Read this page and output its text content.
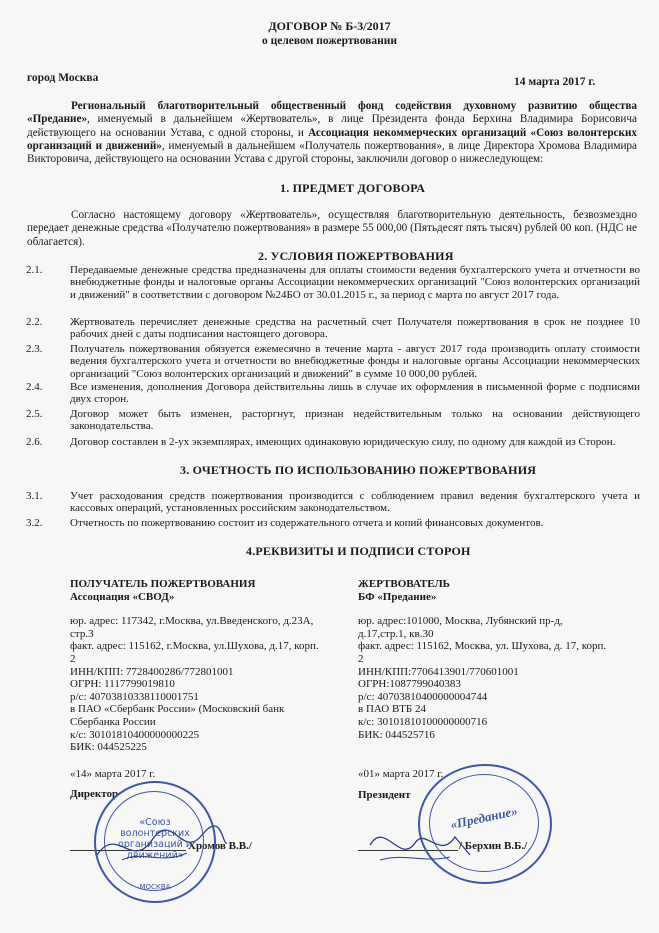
ДОГОВОР № Б-3/2017
о целевом пожертвовании
город Москва	14 марта 2017 г.
Региональный благотворительный общественный фонд содействия духовному развитию общества «Предание», именуемый в дальнейшем «Жертвователь», в лице Президента фонда Берхина Владимира Борисовича действующего на основании Устава, с одной стороны, и Ассоциация некоммерческих организаций «Союз волонтерских организаций и движений», именуемый в дальнейшем «Получатель пожертвования», в лице Директора Хромова Владимира Викторовича, действующего на основании Устава с другой стороны, заключили договор о нижеследующем:
1. ПРЕДМЕТ ДОГОВОРА
Согласно настоящему договору «Жертвователь», осуществляя благотворительную деятельность, безвозмездно передает денежные средства «Получателю пожертвования» в размере 55 000,00 (Пятьдесят пять тысяч) рублей 00 коп. (НДС не облагается).
2. УСЛОВИЯ ПОЖЕРТВОВАНИЯ
2.1.	Передаваемые денежные средства предназначены для оплаты стоимости ведения бухгалтерского учета и отчетности во внебюджетные фонды и налоговые органы Ассоциации некоммерческих организаций "Союз волонтерских организаций и движений" в соответствии с договором №24БО от 30.01.2015 г., за период с марта по август 2017 года.
2.2.	Жертвователь перечисляет денежные средства на расчетный счет Получателя пожертвования в срок не позднее 10 рабочих дней с даты подписания настоящего договора.
2.3.	Получатель пожертвования обязуется ежемесячно в течение марта - август 2017 года производить оплату стоимости ведения бухгалтерского учета и отчетности во внебюджетные фонды и налоговые органы Ассоциации некоммерческих организаций "Союз волонтерских организаций и движений" в сумме 10 000,00 рублей.
2.4.	Все изменения, дополнения Договора действительны лишь в случае их оформления в письменной форме с подписями двух сторон.
2.5.	Договор может быть изменен, расторгнут, признан недействительным только на основании действующего законодательства.
2.6.	Договор составлен в 2-ух экземплярах, имеющих одинаковую юридическую силу, по одному для каждой из Сторон.
3. ОЧЕТНОСТЬ ПО ИСПОЛЬЗОВАНИЮ ПОЖЕРТВОВАНИЯ
3.1.	Учет расходования средств пожертвования производится с соблюдением правил ведения бухгалтерского учета и кассовых операций, установленных российским законодательством.
3.2.	Отчетность по пожертвованию состоит из содержательного отчета и копий финансовых документов.
4.РЕКВИЗИТЫ И ПОДПИСИ СТОРОН
ПОЛУЧАТЕЛЬ ПОЖЕРТВОВАНИЯ
Ассоциация «СВОД»
юр. адрес: 117342, г.Москва, ул.Введенского, д.23А,
стр.3
факт. адрес: 115162, г.Москва, ул.Шухова, д.17, корп.
2
ИНН/КПП: 7728400286/772801001
ОГРН: 1117799019810
р/с: 40703810338110001751
в ПАО «Сбербанк России» (Московский банк
Сбербанка России
к/с: 30101810400000000225
БИК: 044525225
«14» марта 2017 г.
Директор
Хромов В.В./
«Союз волонтерских организаций и движений»
МОСКВА
ЖЕРТВОВАТЕЛЬ
БФ «Предание»
юр. адрес:101000, Москва, Лубянский пр-д,
д.17,стр.1, кв.30
факт. адрес: 115162, Москва, ул. Шухова, д. 17, корп.
2
ИНН/КПП:7706413901/770601001
ОГРН:1087799040383
р/с: 40703810400000004744
в ПАО ВТБ 24
к/с: 30101810100000000716
БИК: 044525716
«01» марта 2017 г.
Президент
/ Берхин В.Б./
«Предание»
